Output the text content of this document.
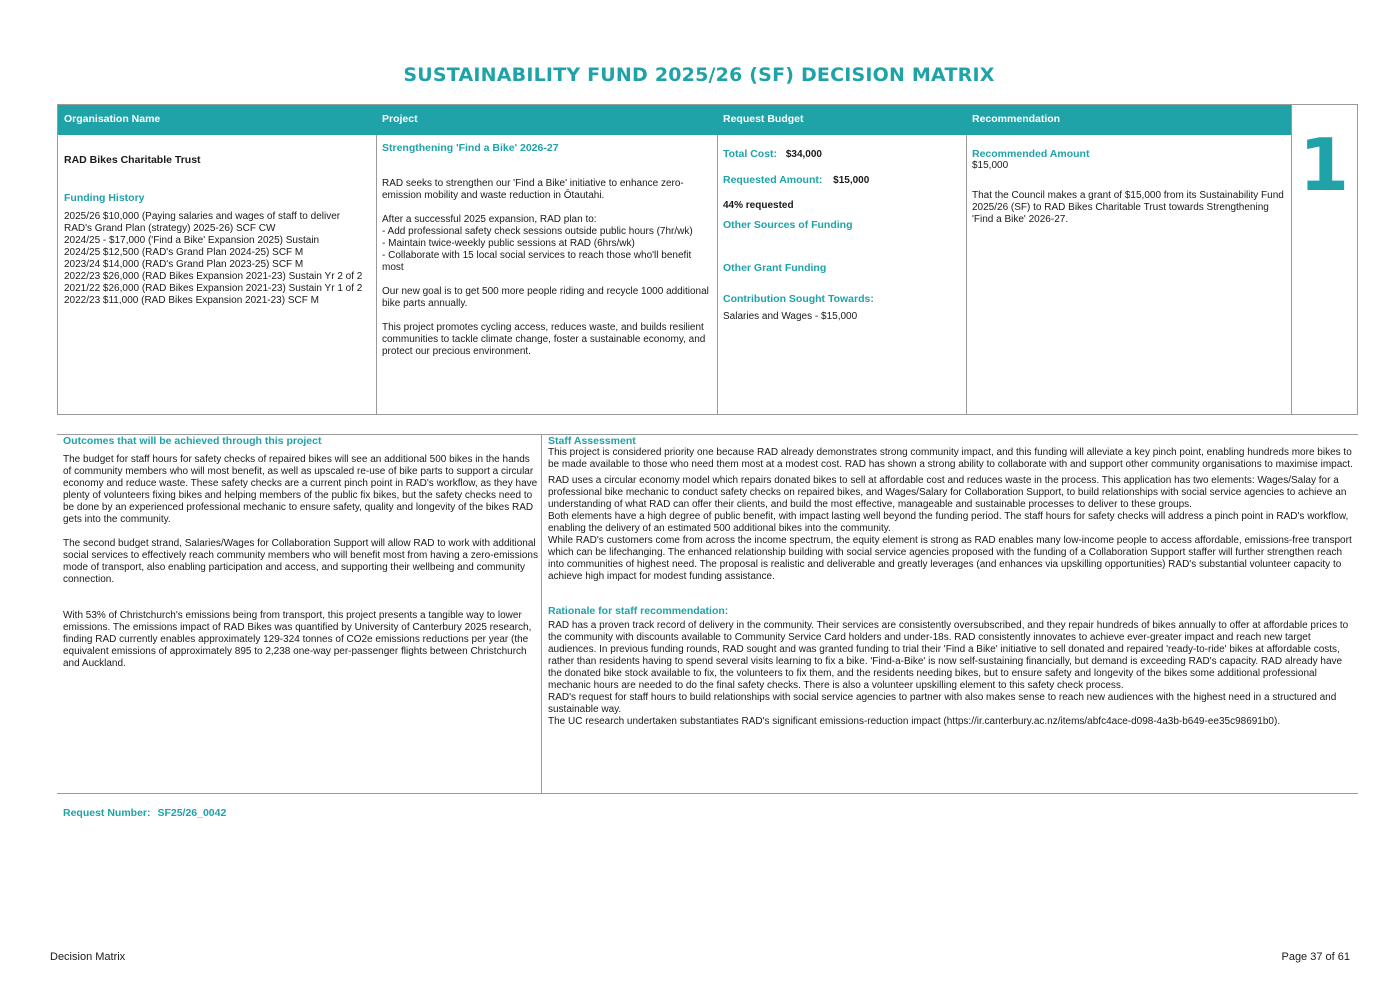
SUSTAINABILITY FUND 2025/26 (SF) DECISION MATRIX
Organisation Name
RAD Bikes Charitable Trust
Funding History
2025/26 $10,000 (Paying salaries and wages of staff to deliver RAD's Grand Plan (strategy) 2025-26) SCF CW
2024/25 - $17,000 ('Find a Bike' Expansion 2025) Sustain
2024/25 $12,500 (RAD's Grand Plan 2024-25) SCF M
2023/24 $14,000 (RAD's Grand Plan 2023-25) SCF M
2022/23 $26,000 (RAD Bikes Expansion 2021-23) Sustain Yr 2 of 2
2021/22 $26,000 (RAD Bikes Expansion 2021-23) Sustain Yr 1 of 2
2022/23 $11,000 (RAD Bikes Expansion 2021-23) SCF M
Project
Strengthening 'Find a Bike' 2026-27

RAD seeks to strengthen our 'Find a Bike' initiative to enhance zero-emission mobility and waste reduction in Ōtautahi.

After a successful 2025 expansion, RAD plan to:
- Add professional safety check sessions outside public hours (7hr/wk)
- Maintain twice-weekly public sessions at RAD (6hrs/wk)
- Collaborate with 15 local social services to reach those who'll benefit most

Our new goal is to get 500 more people riding and recycle 1000 additional bike parts annually.

This project promotes cycling access, reduces waste, and builds resilient communities to tackle climate change, foster a sustainable economy, and protect our precious environment.

Request Budget
Total Cost: $34,000
Requested Amount: $15,000
44% requested
Other Sources of Funding
Other Grant Funding
Contribution Sought Towards:
Salaries and Wages - $15,000
Recommendation
Recommended Amount
$15,000

That the Council makes a grant of $15,000 from its Sustainability Fund 2025/26 (SF) to RAD Bikes Charitable Trust towards Strengthening 'Find a Bike' 2026-27.

1
Outcomes that will be achieved through this project

The budget for staff hours for safety checks of repaired bikes will see an additional 500 bikes in the hands of community members who will most benefit, as well as upscaled re-use of bike parts to support a circular economy and reduce waste. These safety checks are a current pinch point in RAD's workflow, as they have plenty of volunteers fixing bikes and helping members of the public fix bikes, but the safety checks need to be done by an experienced professional mechanic to ensure safety, quality and longevity of the bikes RAD gets into the community.

The second budget strand, Salaries/Wages for Collaboration Support will allow RAD to work with additional social services to effectively reach community members who will benefit most from having a zero-emissions mode of transport, also enabling participation and access, and supporting their wellbeing and community connection.

With 53% of Christchurch's emissions being from transport, this project presents a tangible way to lower emissions. The emissions impact of RAD Bikes was quantified by University of Canterbury 2025 research, finding RAD currently enables approximately 129-324 tonnes of CO2e emissions reductions per year (the equivalent emissions of approximately 895 to 2,238 one-way per-passenger flights between Christchurch and Auckland.

Staff Assessment

This project is considered priority one because RAD already demonstrates strong community impact, and this funding will alleviate a key pinch point, enabling hundreds more bikes to be made available to those who need them most at a modest cost. RAD has shown a strong ability to collaborate with and support other community organisations to maximise impact.

RAD uses a circular economy model which repairs donated bikes to sell at affordable cost and reduces waste in the process. This application has two elements: Wages/Salay for a professional bike mechanic to conduct safety checks on repaired bikes, and Wages/Salary for Collaboration Support, to build relationships with social service agencies to achieve an understanding of what RAD can offer their clients, and build the most effective, manageable and sustainable processes to deliver to these groups.

Both elements have a high degree of public benefit, with impact lasting well beyond the funding period. The staff hours for safety checks will address a pinch point in RAD's workflow, enabling the delivery of an estimated 500 additional bikes into the community.

While RAD's customers come from across the income spectrum, the equity element is strong as RAD enables many low-income people to access affordable, emissions-free transport which can be lifechanging. The enhanced relationship building with social service agencies proposed with the funding of a Collaboration Support staffer will further strengthen reach into communities of highest need. The proposal is realistic and deliverable and greatly leverages (and enhances via upskilling opportunities) RAD's substantial volunteer capacity to achieve high impact for modest funding assistance.

Rationale for staff recommendation:

RAD has a proven track record of delivery in the community. Their services are consistently oversubscribed, and they repair hundreds of bikes annually to offer at affordable prices to the community with discounts available to Community Service Card holders and under-18s. RAD consistently innovates to achieve ever-greater impact and reach new target audiences. In previous funding rounds, RAD sought and was granted funding to trial their 'Find a Bike' initiative to sell donated and repaired 'ready-to-ride' bikes at affordable costs, rather than residents having to spend several visits learning to fix a bike. 'Find-a-Bike' is now self-sustaining financially, but demand is exceeding RAD's capacity. RAD already have the donated bike stock available to fix, the volunteers to fix them, and the residents needing bikes, but to ensure safety and longevity of the bikes some additional professional mechanic hours are needed to do the final safety checks. There is also a volunteer upskilling element to this safety check process.

RAD's request for staff hours to build relationships with social service agencies to partner with also makes sense to reach new audiences with the highest need in a structured and sustainable way.

The UC research undertaken substantiates RAD's significant emissions-reduction impact (https://ir.canterbury.ac.nz/items/abfc4ace-d098-4a3b-b649-ee35c98691b0).

Request Number: SF25/26_0042
Decision Matrix	Page 37 of 61
